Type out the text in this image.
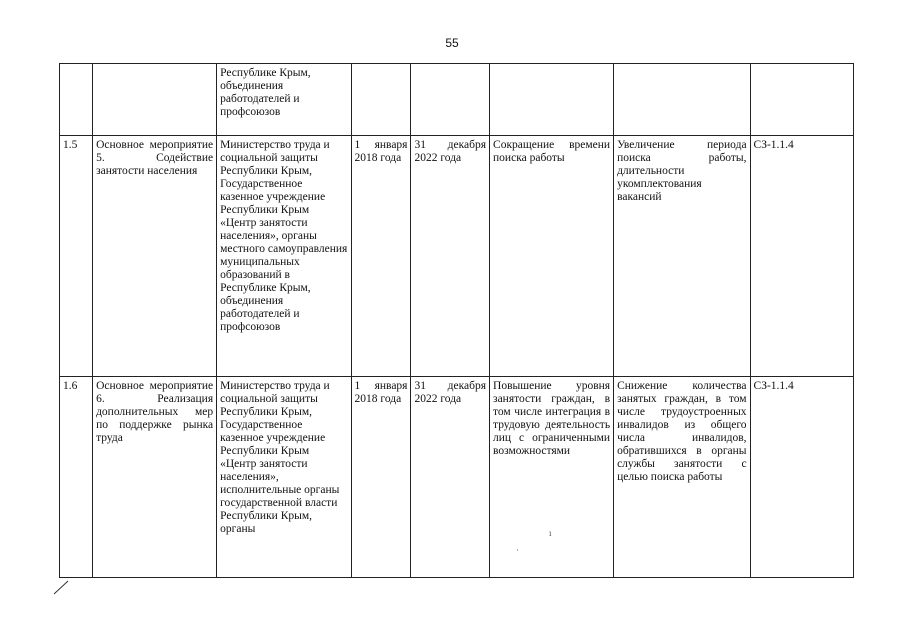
55
		Республике Крым, объединения работодателей и профсоюзов					
1.5	Основное мероприятие 5. Содействие занятости населения	Министерство труда и социальной защиты Республики Крым, Государственное казенное учреждение Республики Крым «Центр занятости населения», органы местного самоуправления муниципальных образований в Республике Крым, объединения работодателей и профсоюзов	1 января 2018 года	31 декабря 2022 года	Сокращение времени поиска работы	Увеличение периода поиска работы, длительности укомплектования вакансий	СЗ-1.1.4
1.6	Основное мероприятие 6. Реализация дополнительных мер по поддержке рынка труда	Министерство труда и социальной защиты Республики Крым, Государственное казенное учреждение Республики Крым «Центр занятости населения», исполнительные органы государственной власти Республики Крым, органы	1 января 2018 года	31 декабря 2022 года	Повышение уровня занятости граждан, в том числе интеграция в трудовую деятельность лиц с ограниченными возможностями	Снижение количества занятых граждан, в том числе трудоустроенных инвалидов из общего числа инвалидов, обратившихся в органы службы занятости с целью поиска работы	СЗ-1.1.4
ı
·
